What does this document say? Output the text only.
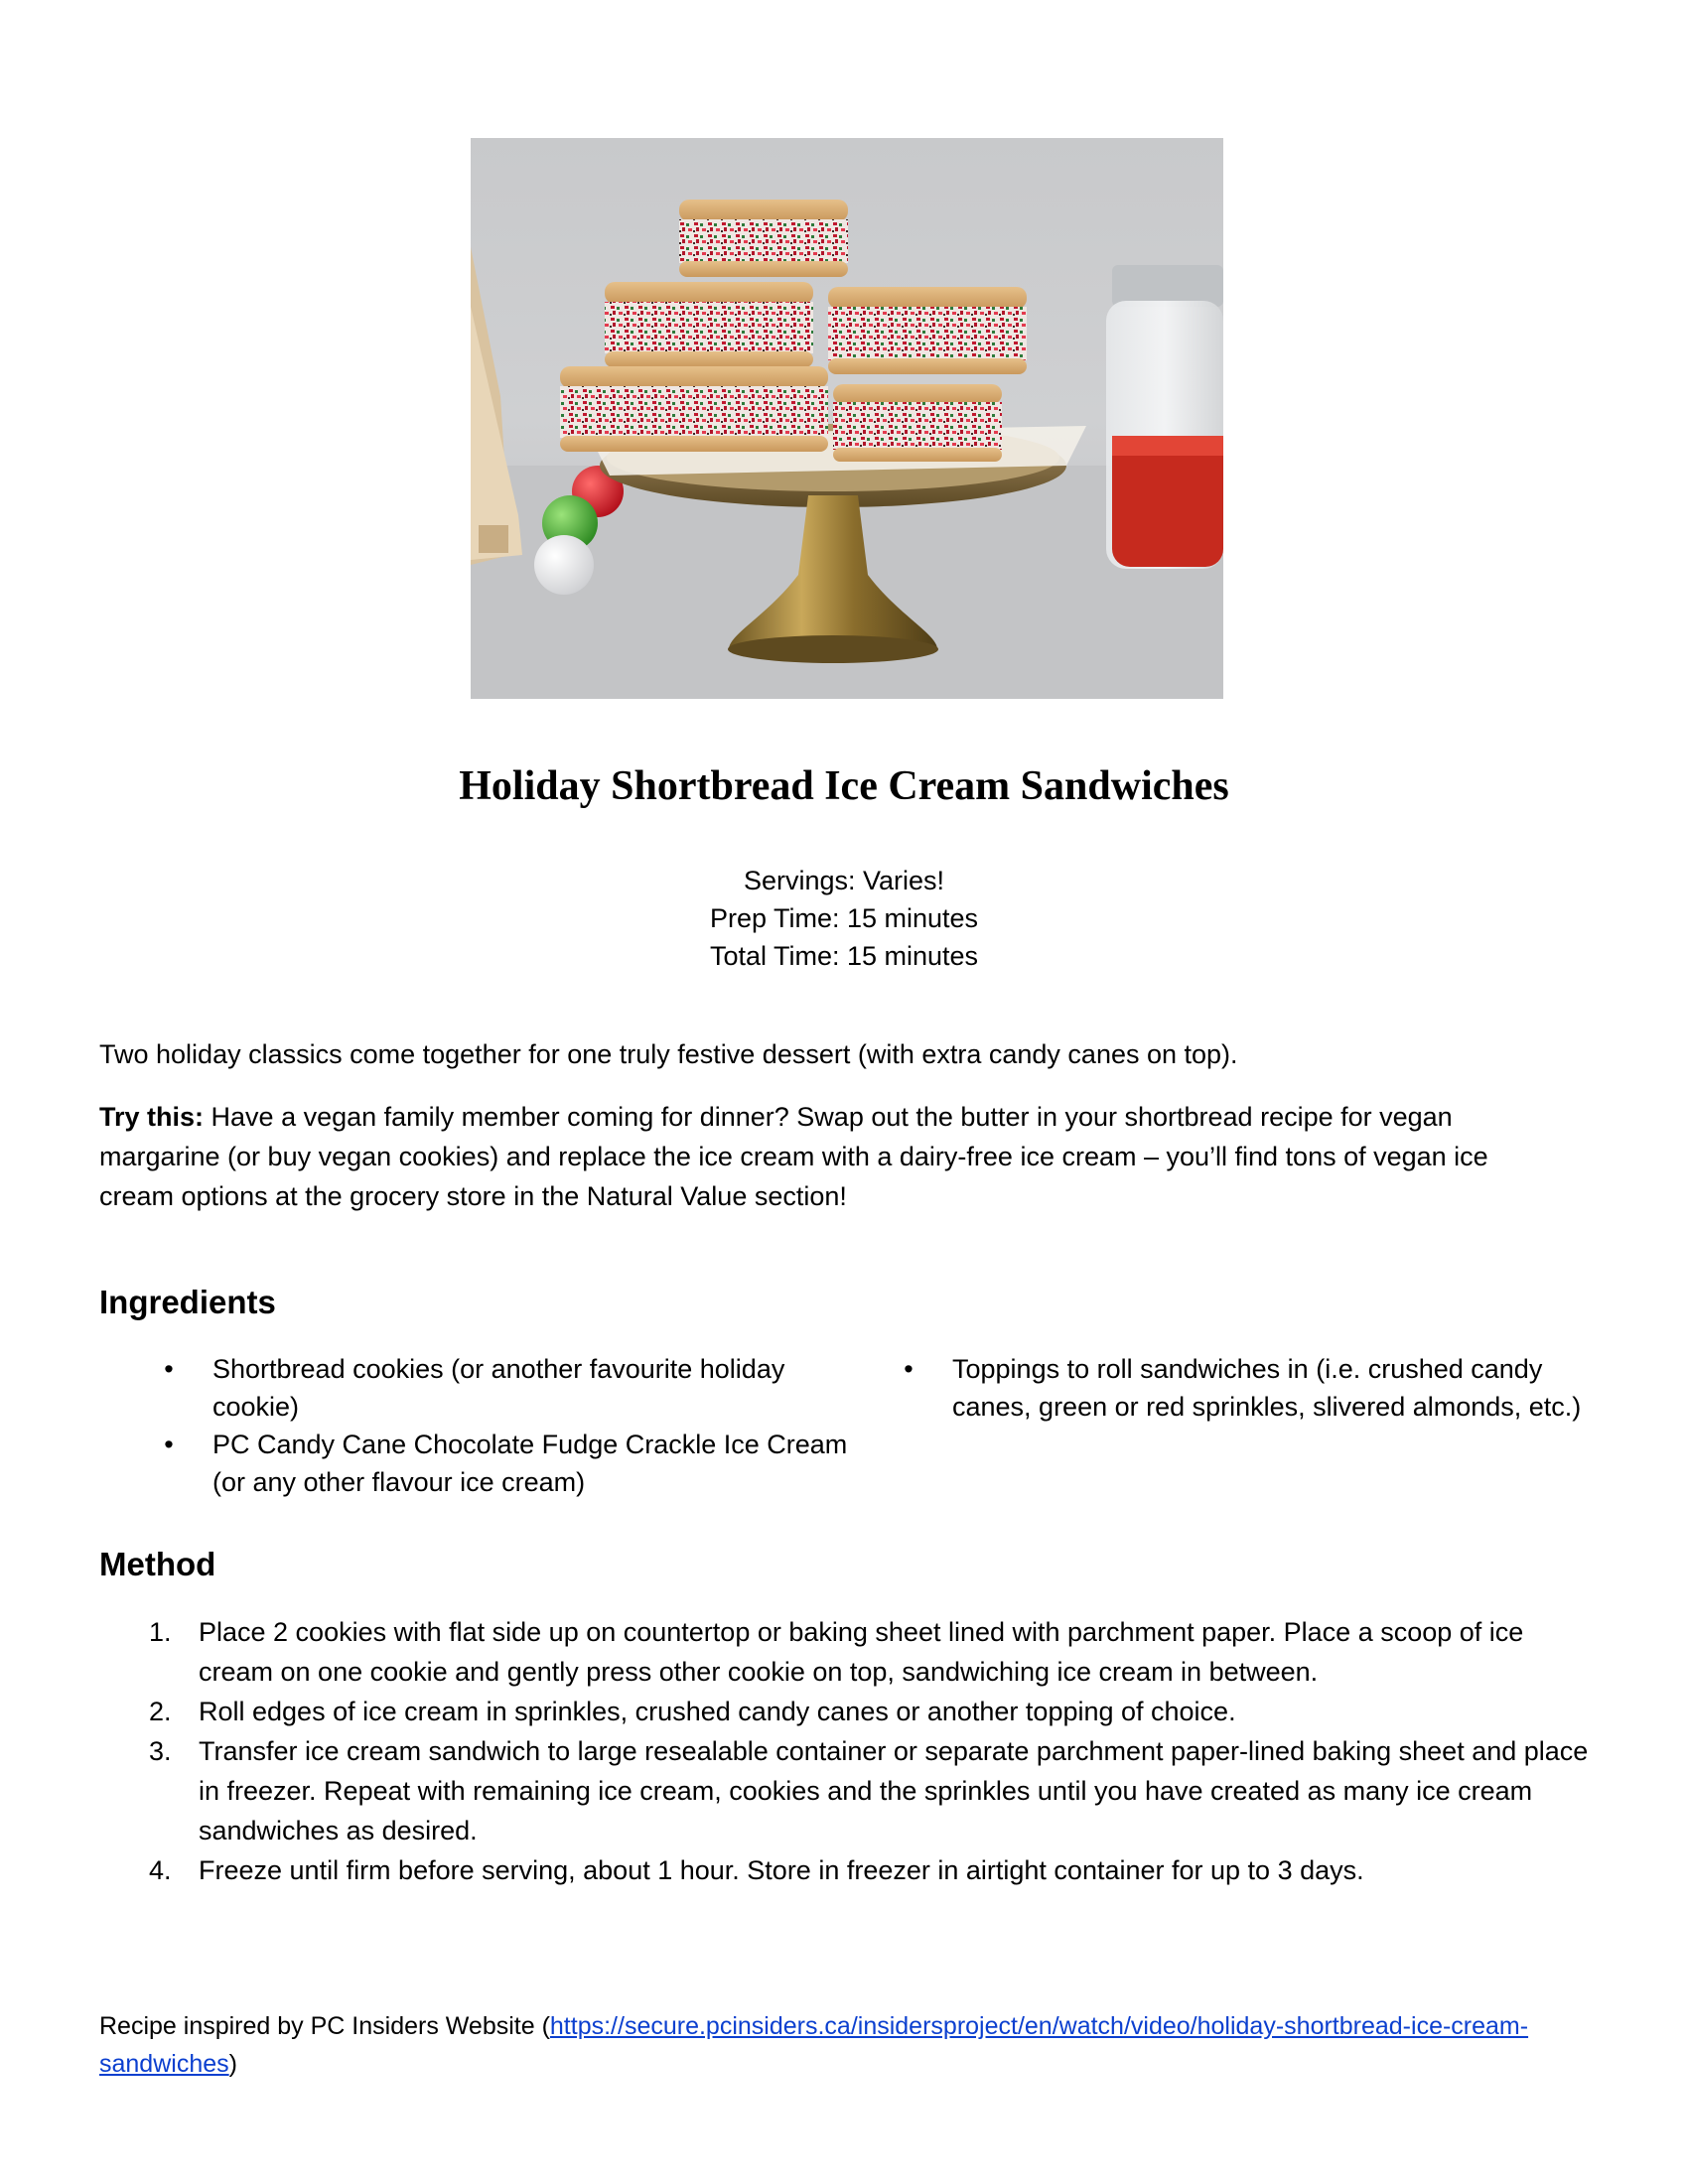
Holiday Shortbread Ice Cream Sandwiches
Servings: Varies!
Prep Time: 15 minutes
Total Time: 15 minutes

Two holiday classics come together for one truly festive dessert (with extra candy canes on top).

Try this: Have a vegan family member coming for dinner? Swap out the butter in your shortbread recipe for vegan margarine (or buy vegan cookies) and replace the ice cream with a dairy-free ice cream – you’ll find tons of vegan ice cream options at the grocery store in the Natural Value section!

Ingredients
• Shortbread cookies (or another favourite holiday cookie)
• PC Candy Cane Chocolate Fudge Crackle Ice Cream (or any other flavour ice cream)
• Toppings to roll sandwiches in (i.e. crushed candy canes, green or red sprinkles, slivered almonds, etc.)
Method
1. Place 2 cookies with flat side up on countertop or baking sheet lined with parchment paper. Place a scoop of ice cream on one cookie and gently press other cookie on top, sandwiching ice cream in between.
2. Roll edges of ice cream in sprinkles, crushed candy canes or another topping of choice.
3. Transfer ice cream sandwich to large resealable container or separate parchment paper-lined baking sheet and place in freezer. Repeat with remaining ice cream, cookies and the sprinkles until you have created as many ice cream sandwiches as desired.
4. Freeze until firm before serving, about 1 hour. Store in freezer in airtight container for up to 3 days.
Recipe inspired by PC Insiders Website (https://secure.pcinsiders.ca/insidersproject/en/watch/video/holiday-shortbread-ice-cream-sandwiches)
